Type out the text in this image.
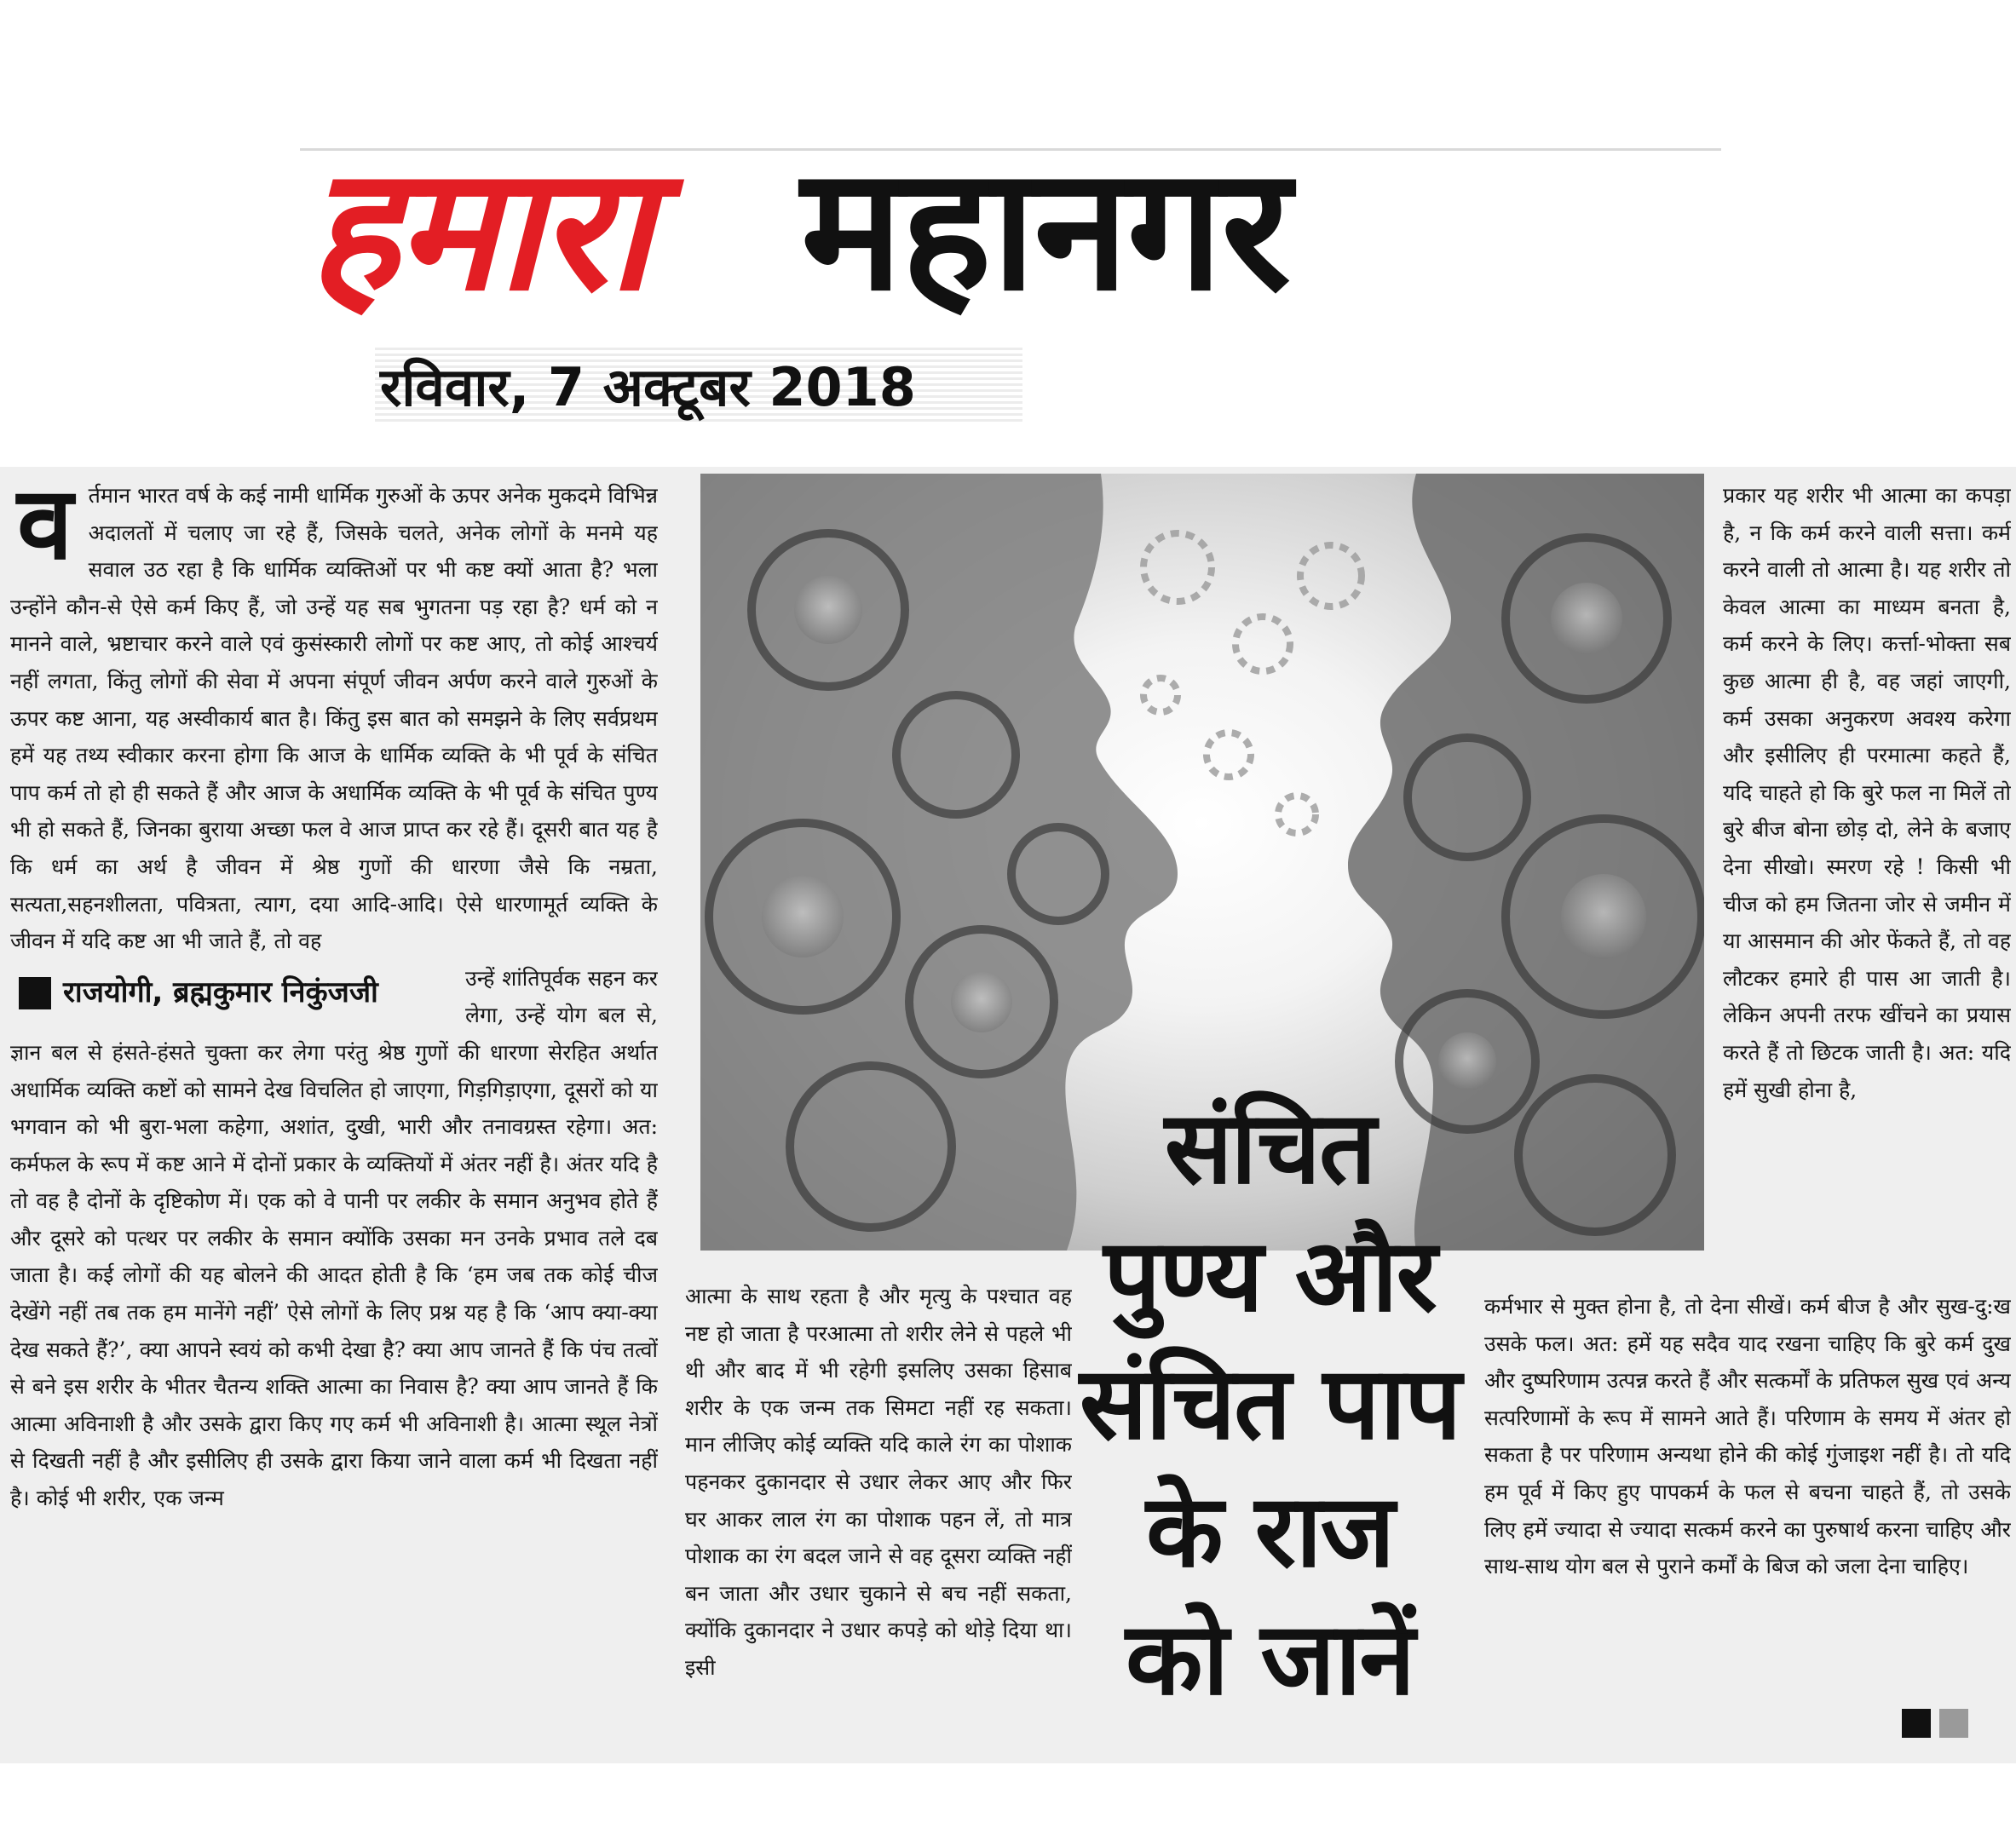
हमारा महानगर
रविवार, 7 अक्टूबर 2018
व र्तमान भारत वर्ष के कई नामी धार्मिक गुरुओं के ऊपर अनेक मुकदमे विभिन्न अदालतों में चलाए जा रहे हैं, जिसके चलते, अनेक लोगों के मनमे यह सवाल उठ रहा है कि धार्मिक व्यक्तिओं पर भी कष्ट क्यों आता है? भला उन्होंने कौन-से ऐसे कर्म किए हैं, जो उन्हें यह सब भुगतना पड़ रहा है? धर्म को न मानने वाले, भ्रष्टाचार करने वाले एवं कुसंस्कारी लोगों पर कष्ट आए, तो कोई आश्चर्य नहीं लगता, किंतु लोगों की सेवा में अपना संपूर्ण जीवन अर्पण करने वाले गुरुओं के ऊपर कष्ट आना, यह अस्वीकार्य बात है। किंतु इस बात को समझने के लिए सर्वप्रथम हमें यह तथ्य स्वीकार करना होगा कि आज के धार्मिक व्यक्ति के भी पूर्व के संचित पाप कर्म तो हो ही सकते हैं और आज के अधार्मिक व्यक्ति के भी पूर्व के संचित पुण्य भी हो सकते हैं, जिनका बुराया अच्छा फल वे आज प्राप्त कर रहे हैं। दूसरी बात यह है कि धर्म का अर्थ है जीवन में श्रेष्ठ गुणों की धारणा जैसे कि नम्रता, सत्यता,सहनशीलता, पवित्रता, त्याग, दया आदि-आदि। ऐसे धारणामूर्त व्यक्ति के जीवन में यदि कष्ट आ भी जाते हैं, तो वह

राजयोगी, ब्रह्मकुमार निकुंजजी	उन्हें शांतिपूर्वक सहन कर लेगा, उन्हें योग बल से, ज्ञान बल से हंसते-हंसते चुक्ता कर लेगा परंतु श्रेष्ठ गुणों की धारणा सेरहित अर्थात अधार्मिक व्यक्ति कष्टों को सामने देख विचलित हो जाएगा, गिड़गिड़ाएगा, दूसरों को या भगवान को भी बुरा-भला कहेगा, अशांत, दुखी, भारी और तनावग्रस्त रहेगा। अत: कर्मफल के रूप में कष्ट आने में दोनों प्रकार के व्यक्तियों में अंतर नहीं है। अंतर यदि है तो वह है दोनों के दृष्टिकोण में। एक को वे पानी पर लकीर के समान अनुभव होते हैं और दूसरे को पत्थर पर लकीर के समान क्योंकि उसका मन उनके प्रभाव तले दब जाता है। कई लोगों की यह बोलने की आदत होती है कि ‘हम जब तक कोई चीज देखेंगे नहीं तब तक हम मानेंगे नहीं’ ऐसे लोगों के लिए प्रश्न यह है कि ‘आप क्या-क्या देख सकते हैं?’, क्या आपने स्वयं को कभी देखा है? क्या आप जानते हैं कि पंच तत्वों से बने इस शरीर के भीतर चैतन्य शक्ति आत्मा का निवास है? क्या आप जानते हैं कि आत्मा अविनाशी है और उसके द्वारा किए गए कर्म भी अविनाशी है। आत्मा स्थूल नेत्रों से दिखती नहीं है और इसीलिए ही उसके द्वारा किया जाने वाला कर्म भी दिखता नहीं है। कोई भी शरीर, एक जन्म

आत्मा के साथ रहता है और मृत्यु के पश्चात वह नष्ट हो जाता है परआत्मा तो शरीर लेने से पहले भी थी और बाद में भी रहेगी इसलिए उसका हिसाब शरीर के एक जन्म तक सिमटा नहीं रह सकता। मान लीजिए कोई व्यक्ति यदि काले रंग का पोशाक पहनकर दुकानदार से उधार लेकर आए और फिर घर आकर लाल रंग का पोशाक पहन लें, तो मात्र पोशाक का रंग बदल जाने से वह दूसरा व्यक्ति नहीं बन जाता और उधार चुकाने से बच नहीं सकता, क्योंकि दुकानदार ने उधार कपड़े को थोड़े दिया था। इसी

संचित
पुण्य और
संचित पाप
के राज
को जानें

प्रकार यह शरीर भी आत्मा का कपड़ा है, न कि कर्म करने वाली सत्ता। कर्म करने वाली तो आत्मा है। यह शरीर तो केवल आत्मा का माध्यम बनता है, कर्म करने के लिए। कर्त्ता-भोक्ता सब कुछ आत्मा ही है, वह जहां जाएगी, कर्म उसका अनुकरण अवश्य करेगा और इसीलिए ही परमात्मा कहते हैं, यदि चाहते हो कि बुरे फल ना मिलें तो बुरे बीज बोना छोड़ दो, लेने के बजाए देना सीखो। स्मरण रहे ! किसी भी चीज को हम जितना जोर से जमीन में या आसमान की ओर फेंकते हैं, तो वह लौटकर हमारे ही पास आ जाती है। लेकिन अपनी तरफ खींचने का प्रयास करते हैं तो छिटक जाती है। अत: यदि हमें सुखी होना है,

कर्मभार से मुक्त होना है, तो देना सीखें। कर्म बीज है और सुख-दु:ख उसके फल। अत: हमें यह सदैव याद रखना चाहिए कि बुरे कर्म दुख और दुष्परिणाम उत्पन्न करते हैं और सत्कर्मों के प्रतिफल सुख एवं अन्य सत्परिणामों के रूप में सामने आते हैं। परिणाम के समय में अंतर हो सकता है पर परिणाम अन्यथा होने की कोई गुंजाइश नहीं है। तो यदि हम पूर्व में किए हुए पापकर्म के फल से बचना चाहते हैं, तो उसके लिए हमें ज्यादा से ज्यादा सत्कर्म करने का पुरुषार्थ करना चाहिए और साथ-साथ योग बल से पुराने कर्मों के बिज को जला देना चाहिए।
